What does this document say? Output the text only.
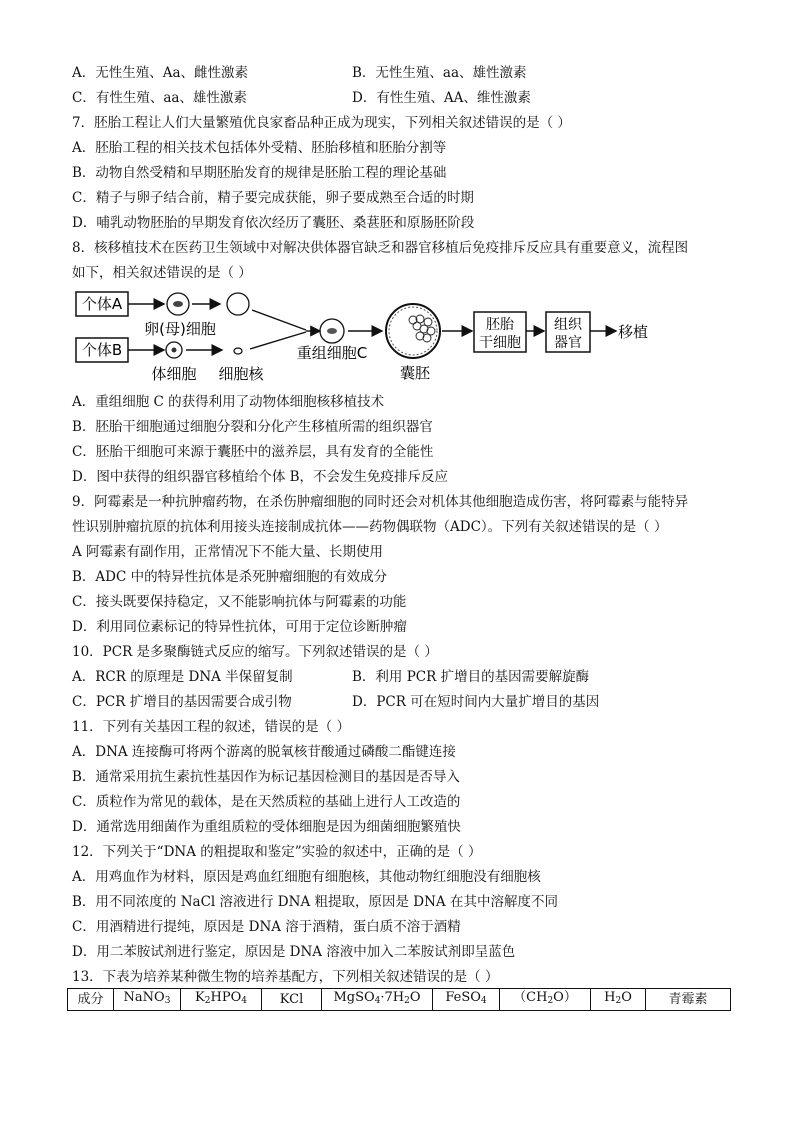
A．无性生殖、Aa、雌性激素	B．无性生殖、aa、雄性激素
C．有性生殖、aa、雄性激素	D．有性生殖、AA、维性激素
7．胚胎工程让人们大量繁殖优良家畜品种正成为现实，下列相关叙述错误的是（ ）
A．胚胎工程的相关技术包括体外受精、胚胎移植和胚胎分割等
B．动物自然受精和早期胚胎发育的规律是胚胎工程的理论基础
C．精子与卵子结合前，精子要完成获能，卵子要成熟至合适的时期
D．哺乳动物胚胎的早期发育依次经历了囊胚、桑葚胚和原肠胚阶段
8．核移植技术在医药卫生领域中对解决供体器官缺乏和器官移植后免疫排斥反应具有重要意义，流程图
如下，相关叙述错误的是（ ）
个体A
卵(母)细胞
个体B
体细胞 细胞核
重组细胞C
囊胚
胚胎
干细胞
组织
器官
移植
A．重组细胞 C 的获得利用了动物体细胞核移植技术
B．胚胎干细胞通过细胞分裂和分化产生移植所需的组织器官
C．胚胎干细胞可来源于囊胚中的滋养层，具有发育的全能性
D．图中获得的组织器官移植给个体 B，不会发生免疫排斥反应
9．阿霉素是一种抗肿瘤药物，在杀伤肿瘤细胞的同时还会对机体其他细胞造成伤害，将阿霉素与能特异
性识别肿瘤抗原的抗体利用接头连接制成抗体——药物偶联物（ADC）。下列有关叙述错误的是（ ）
A 阿霉素有副作用，正常情况下不能大量、长期使用
B．ADC 中的特异性抗体是杀死肿瘤细胞的有效成分
C．接头既要保持稳定，又不能影响抗体与阿霉素的功能
D．利用同位素标记的特异性抗体，可用于定位诊断肿瘤
10．PCR 是多聚酶链式反应的缩写。下列叙述错误的是（ ）
A．RCR 的原理是 DNA 半保留复制	B．利用 PCR 扩增目的基因需要解旋酶
C．PCR 扩增目的基因需要合成引物	D．PCR 可在短时间内大量扩增目的基因
11．下列有关基因工程的叙述，错误的是（ ）
A．DNA 连接酶可将两个游离的脱氧核苷酸通过磷酸二酯键连接
B．通常采用抗生素抗性基因作为标记基因检测目的基因是否导入
C．质粒作为常见的载体，是在天然质粒的基础上进行人工改造的
D．通常选用细菌作为重组质粒的受体细胞是因为细菌细胞繁殖快
12．下列关于“DNA 的粗提取和鉴定”实验的叙述中，正确的是（ ）
A．用鸡血作为材料，原因是鸡血红细胞有细胞核，其他动物红细胞没有细胞核
B．用不同浓度的 NaCl 溶液进行 DNA 粗提取，原因是 DNA 在其中溶解度不同
C．用酒精进行提纯，原因是 DNA 溶于酒精，蛋白质不溶于酒精
D．用二苯胺试剂进行鉴定，原因是 DNA 溶液中加入二苯胺试剂即呈蓝色
13．下表为培养某种微生物的培养基配方，下列相关叙述错误的是（ ）
成分	NaNO$_3$	$K_2HPO_4$	KCl	$MgSO_4\cdot 7H_2O$	FeSO$_4$	$(CH_2O)$	$H_2O$	青霉素
